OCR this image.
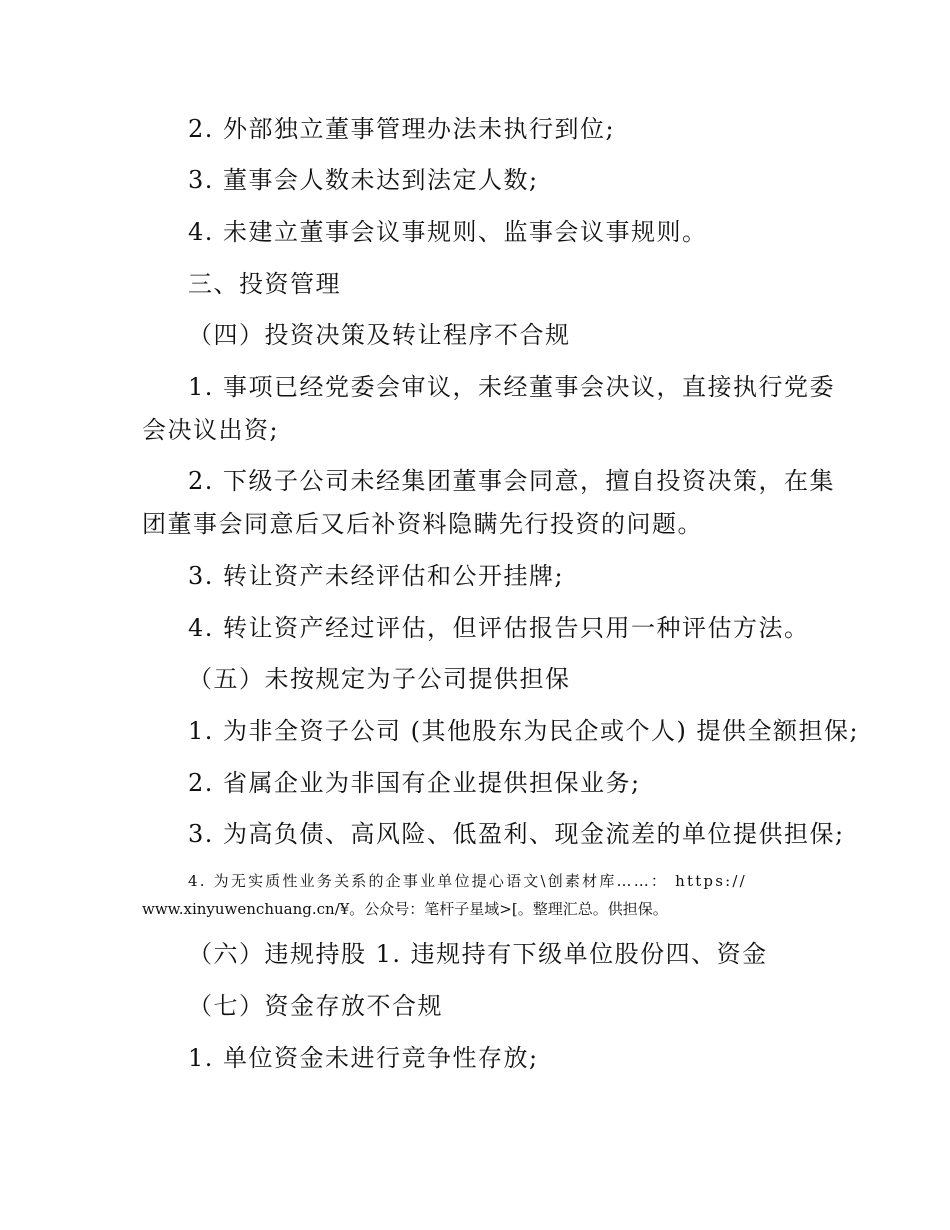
2. 外部独立董事管理办法未执行到位;
3. 董事会人数未达到法定人数;
4. 未建立董事会议事规则、监事会议事规则。
三、投资管理
（四）投资决策及转让程序不合规
1. 事项已经党委会审议，未经董事会决议，直接执行党委
会决议出资;
2. 下级子公司未经集团董事会同意，擅自投资决策，在集
团董事会同意后又后补资料隐瞒先行投资的问题。
3. 转让资产未经评估和公开挂牌;
4. 转让资产经过评估，但评估报告只用一种评估方法。
（五）未按规定为子公司提供担保
1. 为非全资子公司 (其他股东为民企或个人) 提供全额担保;
2. 省属企业为非国有企业提供担保业务;
3. 为高负债、高风险、低盈利、现金流差的单位提供担保;
4. 为无实质性业务关系的企事业单位提心语文\创素材库……： https://
www.xinyuwenchuang.cn/¥。公众号：笔杆子星域>[。整理汇总。供担保。
（六）违规持股 1. 违规持有下级单位股份四、资金
（七）资金存放不合规
1. 单位资金未进行竞争性存放;
